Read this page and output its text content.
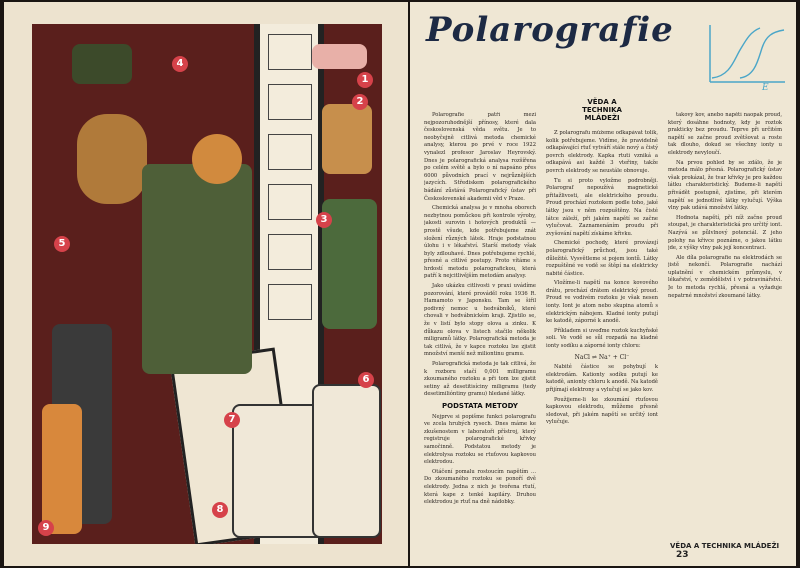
1
2
3
4
5
6
7
8
9
Polarografie
E
VĚDA A TECHNIKA MLÁDEŽI

Polarografie patří mezi nejpozoruhodnější přínosy, které dala československá věda světu. Je to neobyčejně citlivá metoda chemické analysy, kterou po prvé v roce 1922 vynalezl profesor Jaroslav Heyrovský. Dnes je polarografická analysa rozšířena po celém světě a bylo o ní napsáno přes 6000 původních prací v nejrůznějších jazycích. Střediskem polarografického bádání zůstává Polarografický ústav při Československé akademii věd v Praze.

Chemická analysa je v mnoha oborech nezbytnou pomůckou při kontrole výroby, jakosti surovin i hotových produktů — prostě všude, kde potřebujeme znát složení různých látek. Hraje podstatnou úlohu i v lékařství. Starší metody však byly zdlouhavé. Dnes potřebujeme rychlé, přesné a citlivé postupy. Proto vítáme s hrdostí metodu polarografickou, která patří k nejcitlivějším metodám analysy.

Jako ukázku citlivosti v praxi uvádíme pozorování, které prováděl roku 1936 R. Hamamoto v Japonsku. Tam se šiřil podivný nemoc u hedvábníků, které chovali v hedvábnickém kraji. Zjistilo se, že v listí bylo stopy olova a zinku. K důkazu olova v listech stačilo několik miligramů látky. Polarografická metoda je tak citlivá, že v kapce roztoku lze zjistit množství menší než miliontinu gramu.

Polarografická metoda je tak citlivá, že k rozboru stačí 0,001 milligramu zkoumaného roztoku a při tom lze zjistit setiny až desetitisíciny miligramu (tedy desetimilióntiny gramu) hledané látky.

PODSTATA METODY

Nejprve si popišme funkci polarografu ve zcela hrubých rysech. Dnes máme ke zkušenostem v laboratoři přístroj, který registruje polarografické křivky samočinně. Podstatou metody je elektrolysa roztoku se rtuťovou kapkovou elektrodou.

Otáčení pomalu rostoucím napětím ... Do zkoumaného roztoku se ponoří dvě elektrody. Jedna z nich je tvořena rtutí, která kape z tenké kapiláry. Druhou elektrodou je rtuť na dně nádobky.

Z polarografu můžeme odkapávat tolik, kolik potřebujeme. Vidíme, že pravidelně odkapávající rtuť vytváří stále nový a čistý povrch elektrody. Kapka rtuti vzniká a odkapává asi každé 3 vteřiny, takže povrch elektrody se neustále obnovuje.

Tu si proto vyložme podrobněji. Polarograf nepoužívá magnetické přitažlivosti, ale elektrického proudu. Proud prochází roztokem podle toho, jaké látky jsou v něm rozpuštěny. Na čisté látce záleží, při jakém napětí se začne vylučovat. Zaznamenáním proudu při zvyšování napětí získáme křivku.

Chemické pochody, které provázejí polarografický průchod, jsou také důležité. Vysvětleme si pojem iontů. Látky rozpuštěné ve vodě se štěpí na elektricky nabité částice.

Vložíme-li napětí na konce kovového drátu, prochází drátem elektrický proud. Proud ve vodivém roztoku je však nesen ionty. Iont je atom nebo skupina atomů s elektrickým nábojem. Kladné ionty putují ke katodě, záporné k anodě.

Příkladem si uveďme roztok kuchyňské soli. Ve vodě se sůl rozpadá na kladné ionty sodíku a záporné ionty chloru:

NaCl ⇌ Na⁺ + Cl⁻

Nabité částice se pohybují k elektrodám. Kationty sodíku putují ke katodě, anionty chloru k anodě. Na katodě přijímají elektrony a vylučují se jako kov.

Použijeme-li ke zkoumání rtuťovou kapkovou elektrodu, můžeme přesně sledovat, při jakém napětí se určitý iont vylučuje.

takový kov, anebo napětí naopak proud, který dosáhne hodnoty, kdy je roztok prakticky bez proudu. Teprve při určitém napětí se začne proud zvětšovat a roste tak dlouho, dokud se všechny ionty u elektrody nevyloučí.

Na prvou pohled by se zdálo, že je metoda málo přesná. Polarografický ústav však prokázal, že tvar křivky je pro každou látku charakteristický. Budeme-li napětí přivádět postupně, zjistíme, při kterém napětí se jednotlivé látky vylučují. Výška vlny pak udává množství látky.

Hodnota napětí, při níž začne proud stoupat, je charakteristická pro určitý iont. Nazývá se půlvlnový potenciál. Z jeho polohy na křivce poznáme, o jakou látku jde, z výšky vlny pak její koncentraci.

Ale díla polarografie na elektrodách se jistě nekončí. Polarografie nachází uplatnění v chemickém průmyslu, v lékařství, v zemědělství i v potravinářství. Je to metoda rychlá, přesná a vyžaduje nepatrné množství zkoumané látky.

VĚDA A TECHNIKA MLÁDEŽI 23
